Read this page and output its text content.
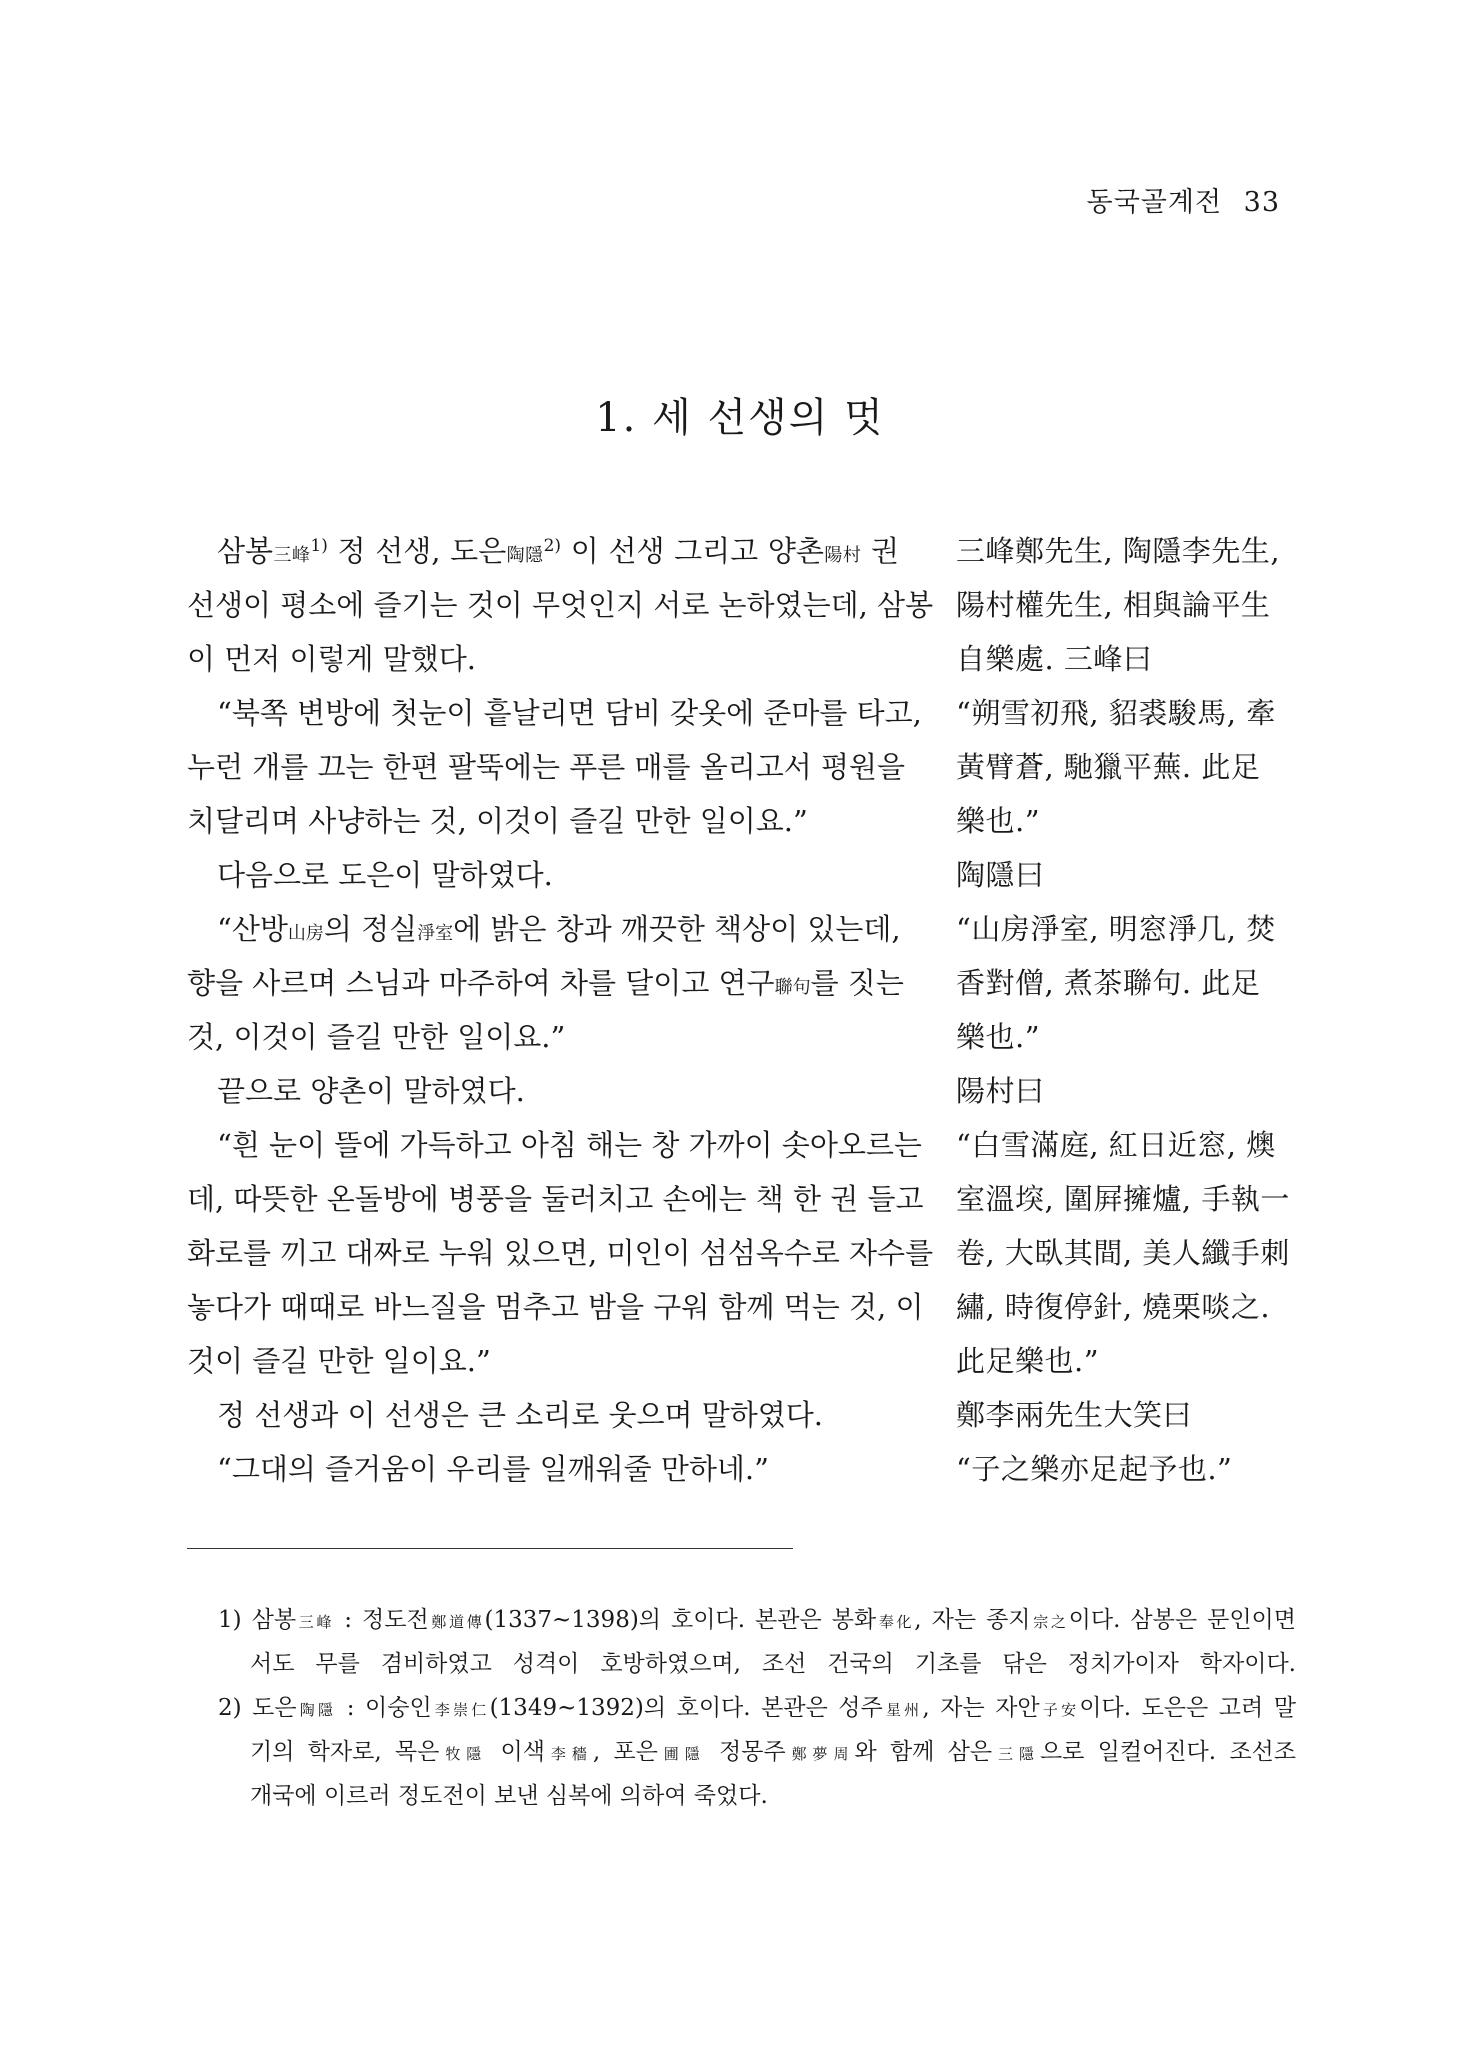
동국골계전 33
1. 세 선생의 멋
삼봉三峰$^{1)}$ 정 선생, 도은陶隱$^{2)}$ 이 선생 그리고 양촌陽村 권
선생이 평소에 즐기는 것이 무엇인지 서로 논하였는데, 삼봉
이 먼저 이렇게 말했다.
“북쪽 변방에 첫눈이 흩날리면 담비 갖옷에 준마를 타고,
누런 개를 끄는 한편 팔뚝에는 푸른 매를 올리고서 평원을
치달리며 사냥하는 것, 이것이 즐길 만한 일이요.”
다음으로 도은이 말하였다.
“산방山房의 정실淨室에 밝은 창과 깨끗한 책상이 있는데,
향을 사르며 스님과 마주하여 차를 달이고 연구聯句를 짓는
것, 이것이 즐길 만한 일이요.”
끝으로 양촌이 말하였다.
“흰 눈이 뜰에 가득하고 아침 해는 창 가까이 솟아오르는
데, 따뜻한 온돌방에 병풍을 둘러치고 손에는 책 한 권 들고
화로를 끼고 대짜로 누워 있으면, 미인이 섬섬옥수로 자수를
놓다가 때때로 바느질을 멈추고 밤을 구워 함께 먹는 것, 이
것이 즐길 만한 일이요.”
정 선생과 이 선생은 큰 소리로 웃으며 말하였다.
“그대의 즐거움이 우리를 일깨워줄 만하네.”
三峰鄭先生, 陶隱李先生,
陽村權先生, 相與論平生
自樂處. 三峰曰
“朔雪初飛, 貂裘駿馬, 牽
黃臂蒼, 馳獵平蕪. 此足
樂也.”
陶隱曰
“山房淨室, 明窓淨几, 焚
香對僧, 煮茶聯句. 此足
樂也.”
陽村曰
“白雪滿庭, 紅日近窓, 燠
室溫堗, 圍屛擁爐, 手執一
卷, 大臥其間, 美人纖手刺
繡, 時復停針, 燒栗啖之.
此足樂也.”
鄭李兩先生大笑曰
“子之樂亦足起予也.”
1) 삼봉三峰 : 정도전鄭道傳(1337~1398)의 호이다. 본관은 봉화奉化, 자는 종지宗之이다. 삼봉은 문인이면
서도 무를 겸비하였고 성격이 호방하였으며, 조선 건국의 기초를 닦은 정치가이자 학자이다.
2) 도은陶隱 : 이숭인李崇仁(1349~1392)의 호이다. 본관은 성주星州, 자는 자안子安이다. 도은은 고려 말
기의 학자로, 목은牧隱 이색李穡, 포은圃隱 정몽주鄭夢周와 함께 삼은三隱으로 일컬어진다. 조선조
개국에 이르러 정도전이 보낸 심복에 의하여 죽었다.
